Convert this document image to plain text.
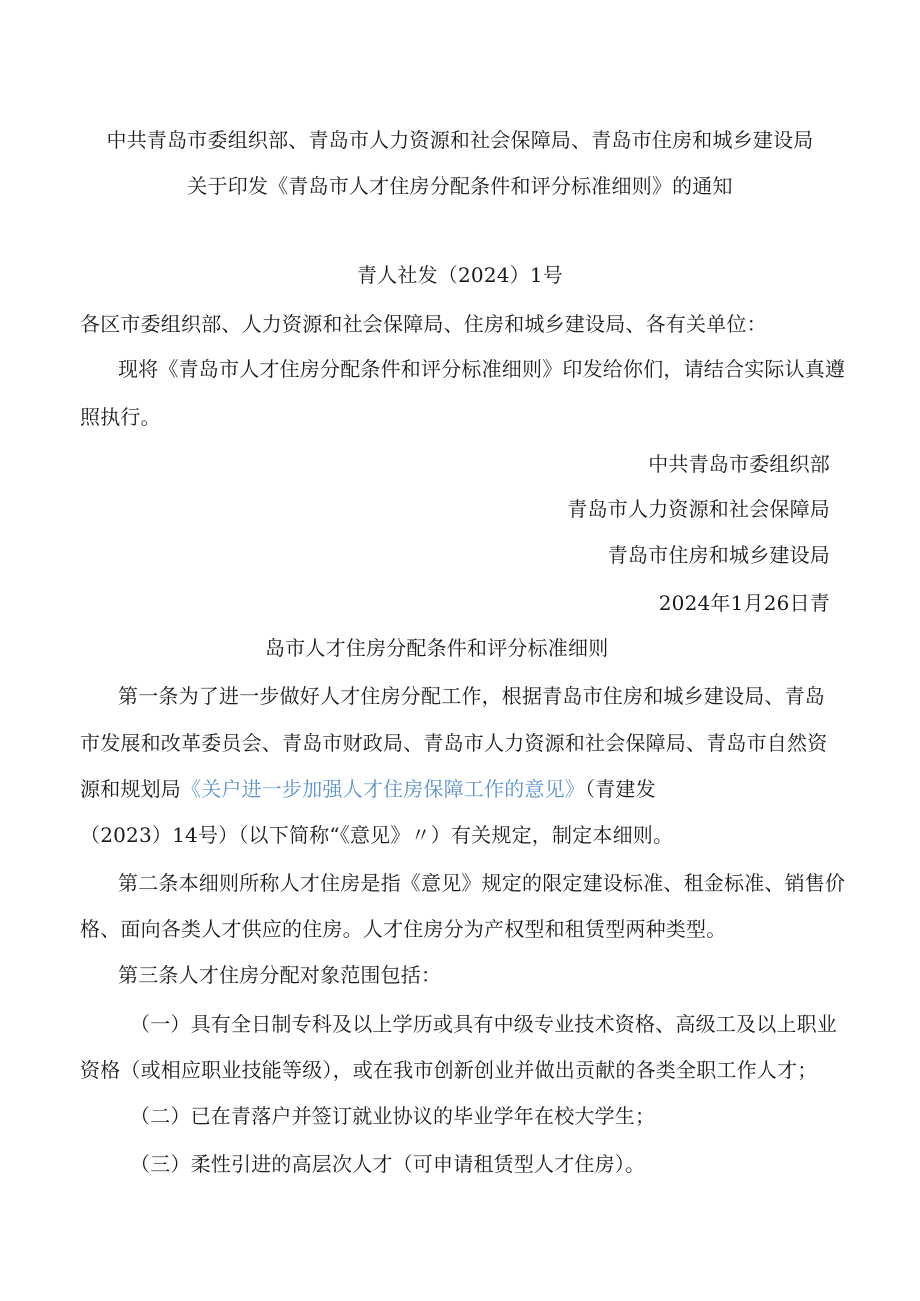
中共青岛市委组织部、青岛市人力资源和社会保障局、青岛市住房和城乡建设局
关于印发《青岛市人才住房分配条件和评分标准细则》的通知
青人社发（2024）1号
各区市委组织部、人力资源和社会保障局、住房和城乡建设局、各有关单位：
现将《青岛市人才住房分配条件和评分标准细则》印发给你们，请结合实际认真遵
照执行。
中共青岛市委组织部
青岛市人力资源和社会保障局
青岛市住房和城乡建设局
2024年1月26日青
岛市人才住房分配条件和评分标准细则
第一条为了进一步做好人才住房分配工作，根据青岛市住房和城乡建设局、青岛
市发展和改革委员会、青岛市财政局、青岛市人力资源和社会保障局、青岛市自然资
源和规划局《关户进一步加强人才住房保障工作的意见》（青建发
（2023）14号）（以下简称“《意见》〃）有关规定，制定本细则。
第二条本细则所称人才住房是指《意见》规定的限定建设标准、租金标准、销售价
格、面向各类人才供应的住房。人才住房分为产权型和租赁型两种类型。
第三条人才住房分配对象范围包括：
（一）具有全日制专科及以上学历或具有中级专业技术资格、高级工及以上职业
资格（或相应职业技能等级），或在我市创新创业并做出贡献的各类全职工作人才；
（二）已在青落户并签订就业协议的毕业学年在校大学生；
（三）柔性引进的高层次人才（可申请租赁型人才住房）。
